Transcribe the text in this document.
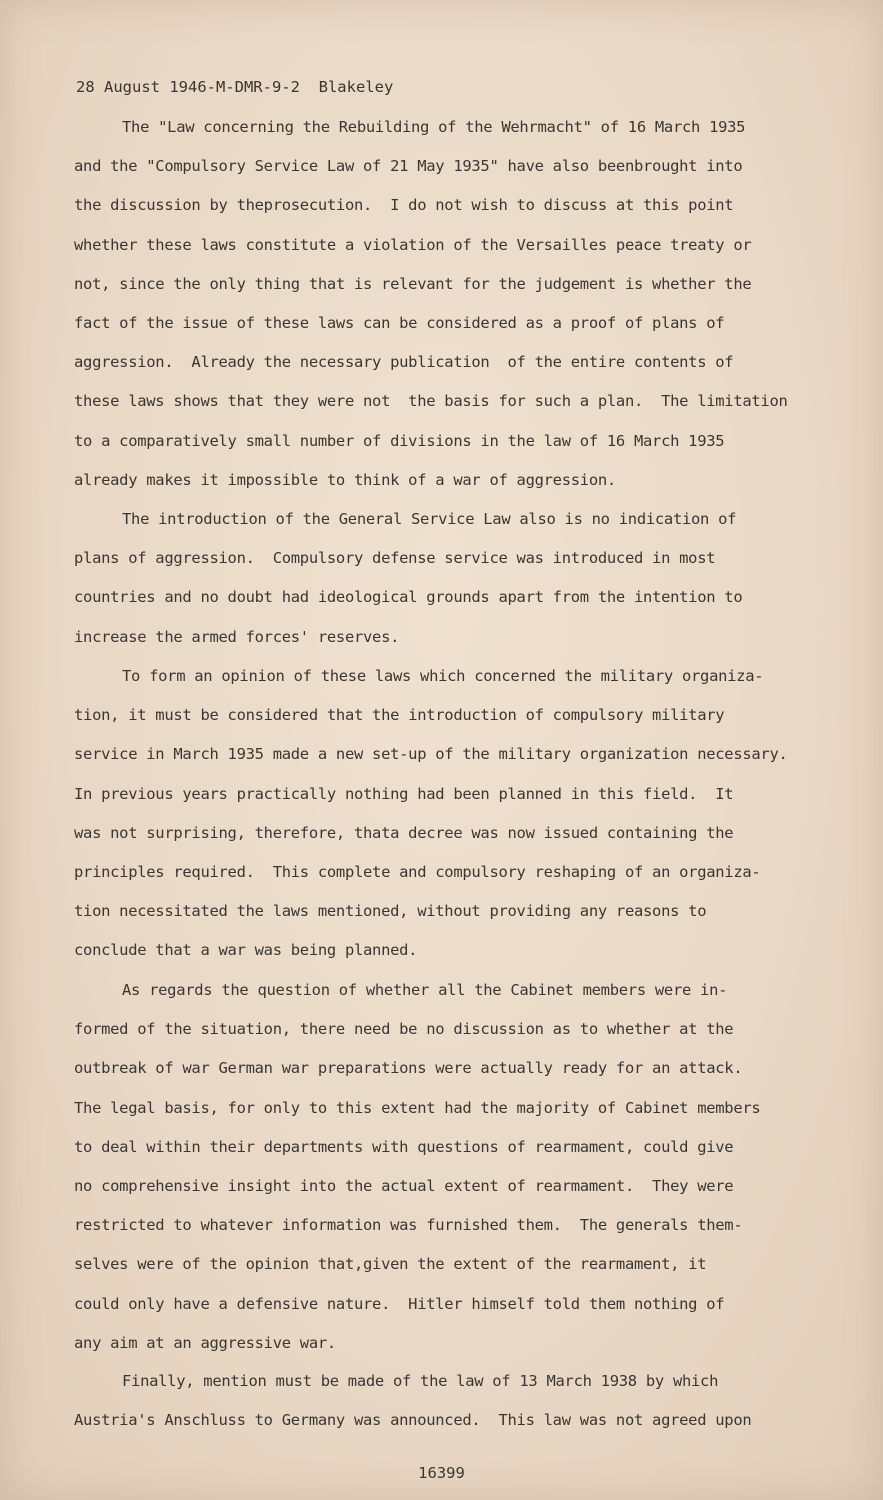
28 August 1946-M-DMR-9-2  Blakeley
The "Law concerning the Rebuilding of the Wehrmacht" of 16 March 1935
and the "Compulsory Service Law of 21 May 1935" have also beenbrought into
the discussion by theprosecution.  I do not wish to discuss at this point
whether these laws constitute a violation of the Versailles peace treaty or
not, since the only thing that is relevant for the judgement is whether the
fact of the issue of these laws can be considered as a proof of plans of
aggression.  Already the necessary publication  of the entire contents of
these laws shows that they were not  the basis for such a plan.  The limitation
to a comparatively small number of divisions in the law of 16 March 1935
already makes it impossible to think of a war of aggression.
The introduction of the General Service Law also is no indication of
plans of aggression.  Compulsory defense service was introduced in most
countries and no doubt had ideological grounds apart from the intention to
increase the armed forces' reserves.
To form an opinion of these laws which concerned the military organiza-
tion, it must be considered that the introduction of compulsory military
service in March 1935 made a new set-up of the military organization necessary.
In previous years practically nothing had been planned in this field.  It
was not surprising, therefore, thata decree was now issued containing the
principles required.  This complete and compulsory reshaping of an organiza-
tion necessitated the laws mentioned, without providing any reasons to
conclude that a war was being planned.
As regards the question of whether all the Cabinet members were in-
formed of the situation, there need be no discussion as to whether at the
outbreak of war German war preparations were actually ready for an attack.
The legal basis, for only to this extent had the majority of Cabinet members
to deal within their departments with questions of rearmament, could give
no comprehensive insight into the actual extent of rearmament.  They were
restricted to whatever information was furnished them.  The generals them-
selves were of the opinion that,given the extent of the rearmament, it
could only have a defensive nature.  Hitler himself told them nothing of
any aim at an aggressive war.
Finally, mention must be made of the law of 13 March 1938 by which
Austria's Anschluss to Germany was announced.  This law was not agreed upon
16399
